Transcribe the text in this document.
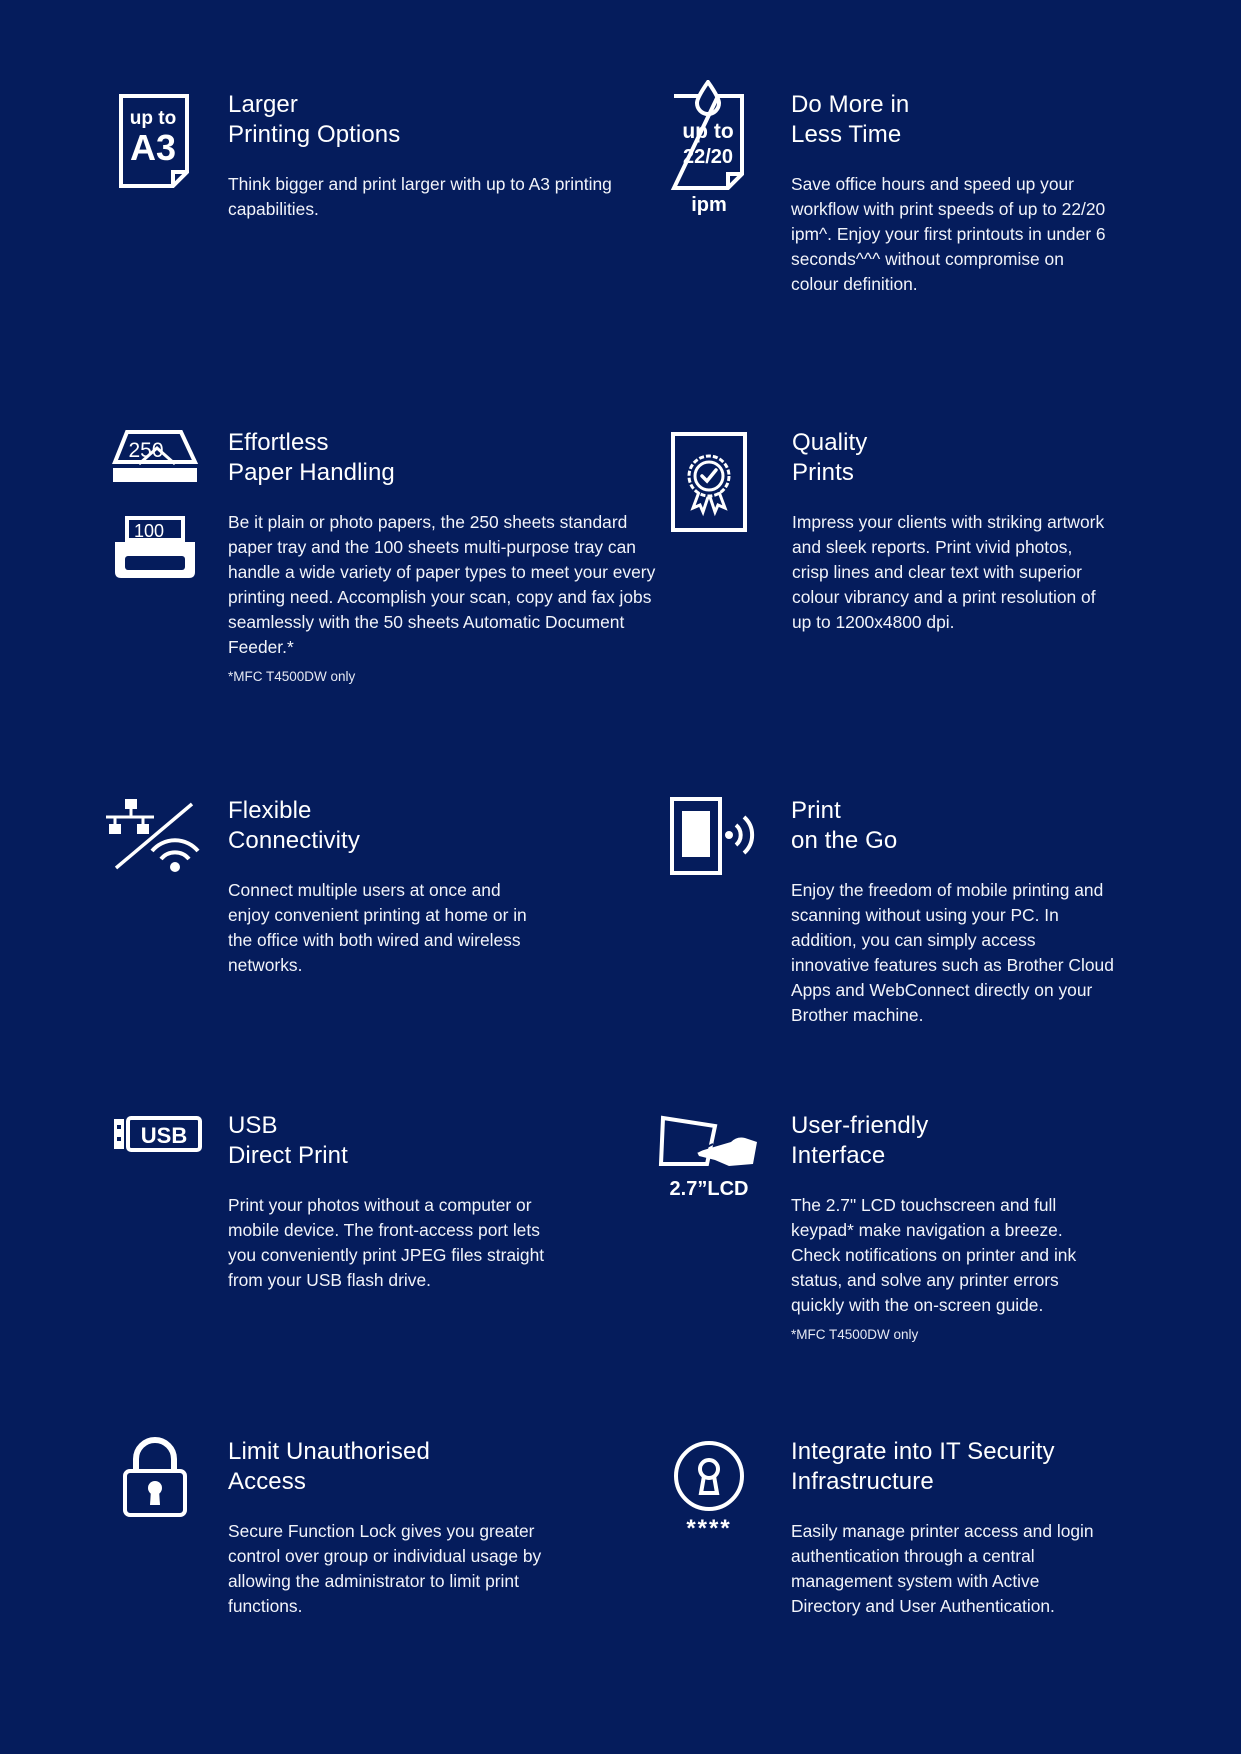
up to
A3
Larger
Printing Options

Think bigger and print larger with up to A3 printing capabilities.

up to
22/20
ipm
Do More in
Less Time

Save office hours and speed up your workflow with print speeds of up to 22/20 ipm^. Enjoy your first printouts in under 6 seconds^^^ without compromise on colour definition.

250
100
Effortless
Paper Handling

Be it plain or photo papers, the 250 sheets standard paper tray and the 100 sheets multi-purpose tray can handle a wide variety of paper types to meet your every printing need. Accomplish your scan, copy and fax jobs seamlessly with the 50 sheets Automatic Document Feeder.*

*MFC T4500DW only
Quality
Prints

Impress your clients with striking artwork and sleek reports. Print vivid photos, crisp lines and clear text with superior colour vibrancy and a print resolution of up to 1200x4800 dpi.

Flexible
Connectivity

Connect multiple users at once and enjoy convenient printing at home or in the office with both wired and wireless networks.

Print
on the Go

Enjoy the freedom of mobile printing and scanning without using your PC. In addition, you can simply access innovative features such as Brother Cloud Apps and WebConnect directly on your Brother machine.

USB USB
Direct Print

Print your photos without a computer or mobile device. The front-access port lets you conveniently print JPEG files straight from your USB flash drive.

2.7”LCD
User-friendly
Interface

The 2.7" LCD touchscreen and full keypad* make navigation a breeze. Check notifications on printer and ink status, and solve any printer errors quickly with the on-screen guide.

*MFC T4500DW only
Limit Unauthorised
Access

Secure Function Lock gives you greater control over group or individual usage by allowing the administrator to limit print functions.

****
Integrate into IT Security
Infrastructure

Easily manage printer access and login authentication through a central management system with Active Directory and User Authentication.
